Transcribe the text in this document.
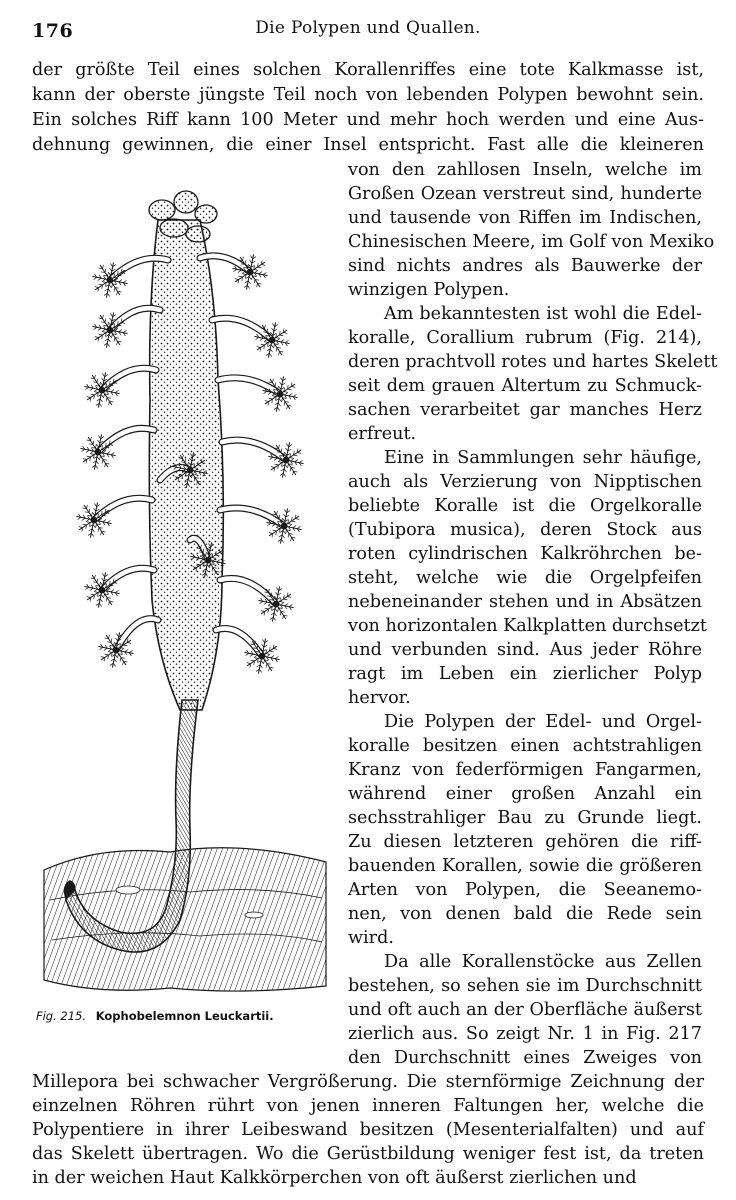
176	Die Polypen und Quallen.
der größte Teil eines solchen Korallenriffes eine tote Kalkmasse ist,
kann der oberste jüngste Teil noch von lebenden Polypen bewohnt sein.
Ein solches Riff kann 100 Meter und mehr hoch werden und eine Aus-
dehnung gewinnen, die einer Insel entspricht. Fast alle die kleineren
von den zahllosen Inseln, welche im
Großen Ozean verstreut sind, hunderte
und tausende von Riffen im Indischen,
Chinesischen Meere, im Golf von Mexiko
sind nichts andres als Bauwerke der
winzigen Polypen.
Am bekanntesten ist wohl die Edel-
koralle, Corallium rubrum (Fig. 214),
deren prachtvoll rotes und hartes Skelett
seit dem grauen Altertum zu Schmuck-
sachen verarbeitet gar manches Herz
erfreut.
Eine in Sammlungen sehr häufige,
auch als Verzierung von Nipptischen
beliebte Koralle ist die Orgelkoralle
(Tubipora musica), deren Stock aus
roten cylindrischen Kalkröhrchen be-
steht, welche wie die Orgelpfeifen
nebeneinander stehen und in Absätzen
von horizontalen Kalkplatten durchsetzt
und verbunden sind. Aus jeder Röhre
ragt im Leben ein zierlicher Polyp
hervor.
Die Polypen der Edel- und Orgel-
koralle besitzen einen achtstrahligen
Kranz von federförmigen Fangarmen,
während einer großen Anzahl ein
sechsstrahliger Bau zu Grunde liegt.
Zu diesen letzteren gehören die riff-
bauenden Korallen, sowie die größeren
Arten von Polypen, die Seeanemo-
nen, von denen bald die Rede sein
wird.
Da alle Korallenstöcke aus Zellen
bestehen, so sehen sie im Durchschnitt
und oft auch an der Oberfläche äußerst
zierlich aus. So zeigt Nr. 1 in Fig. 217
den Durchschnitt eines Zweiges von
Millepora bei schwacher Vergrößerung. Die sternförmige Zeichnung der
einzelnen Röhren rührt von jenen inneren Faltungen her, welche die
Polypentiere in ihrer Leibeswand besitzen (Mesenterialfalten) und auf
das Skelett übertragen. Wo die Gerüstbildung weniger fest ist, da treten
in der weichen Haut Kalkkörperchen von oft äußerst zierlichen und
Fig. 215. Kophobelemnon Leuckartii.
